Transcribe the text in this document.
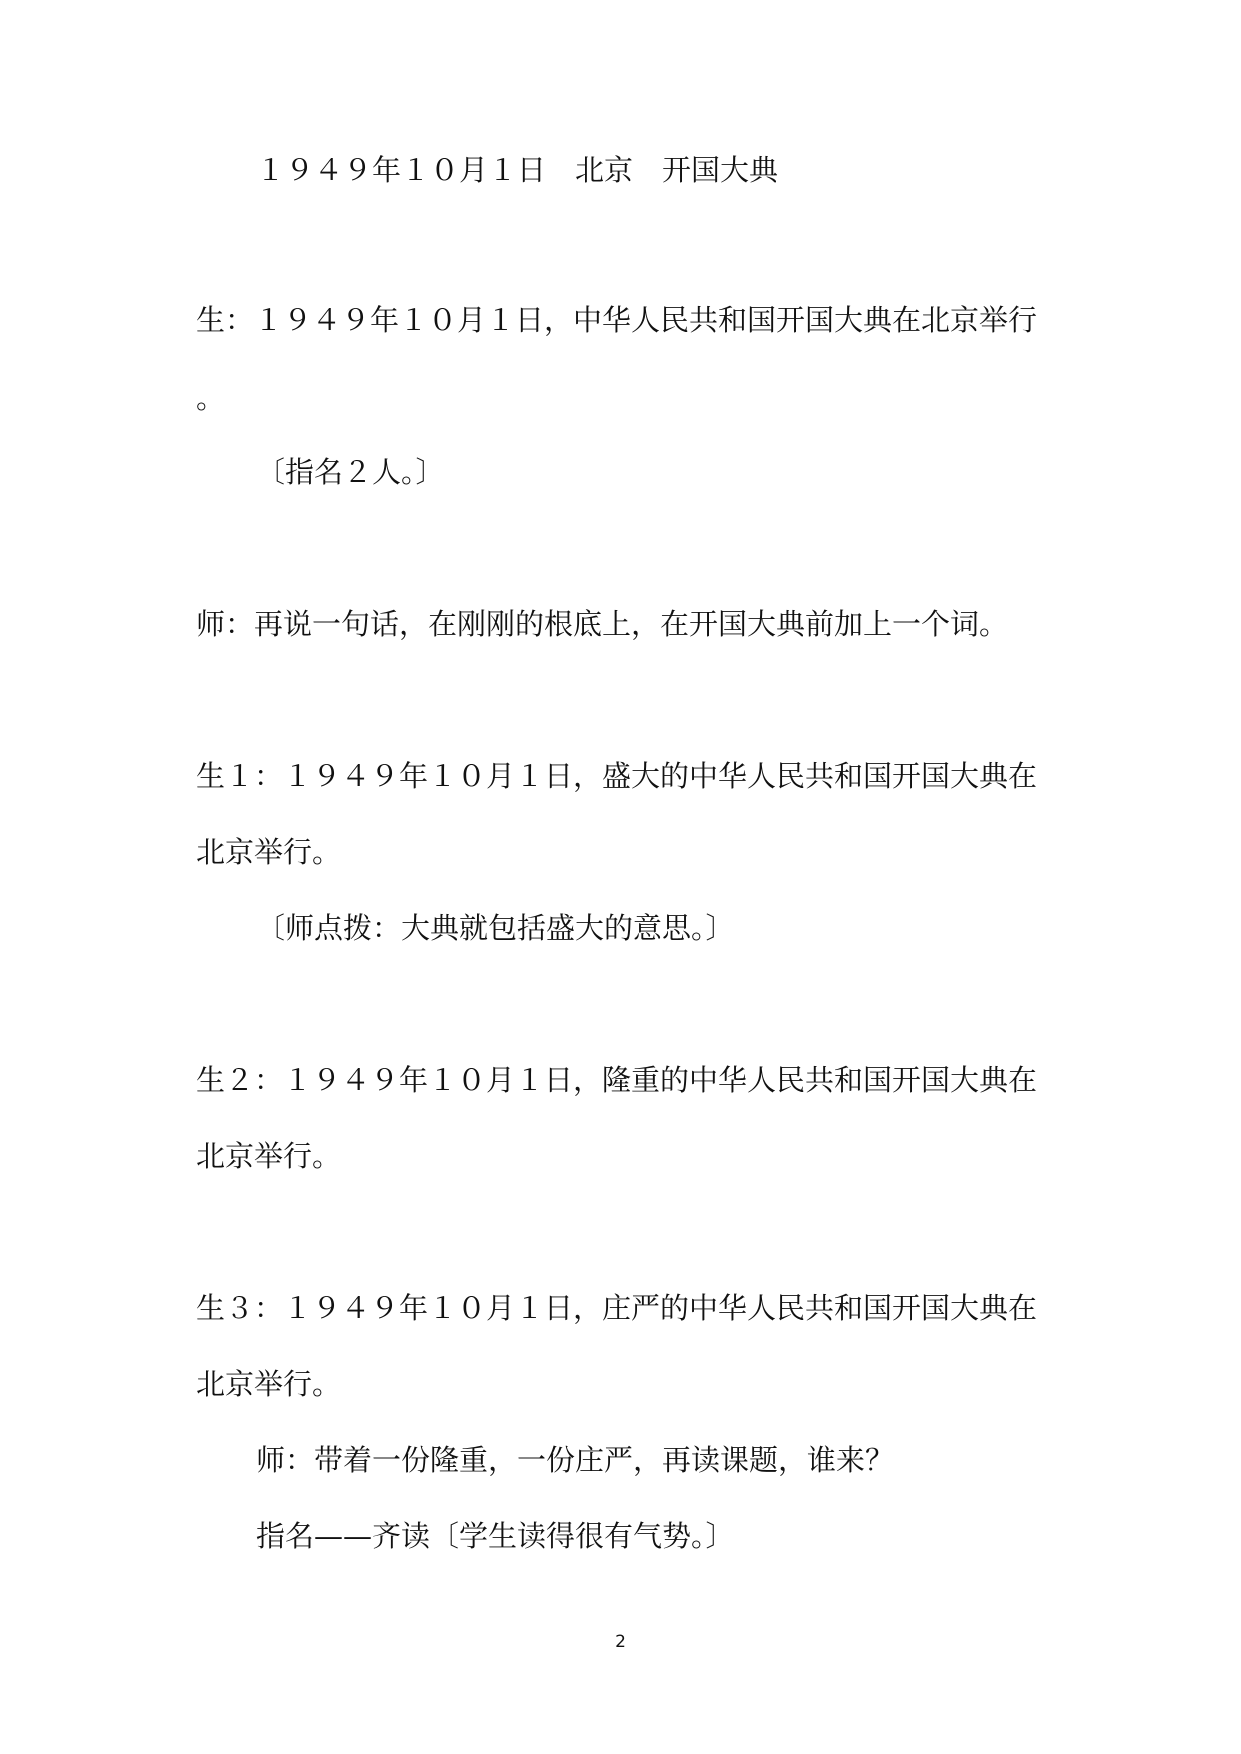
１９４９年１０月１日　北京　开国大典

生：１９４９年１０月１日，中华人民共和国开国大典在北京举行

。

〔指名２人。〕

师：再说一句话，在刚刚的根底上，在开国大典前加上一个词。

生１：１９４９年１０月１日，盛大的中华人民共和国开国大典在

北京举行。

〔师点拨：大典就包括盛大的意思。〕

生２：１９４９年１０月１日，隆重的中华人民共和国开国大典在

北京举行。

生３：１９４９年１０月１日，庄严的中华人民共和国开国大典在

北京举行。

师：带着一份隆重，一份庄严，再读课题，谁来？

指名——齐读〔学生读得很有气势。〕

2
